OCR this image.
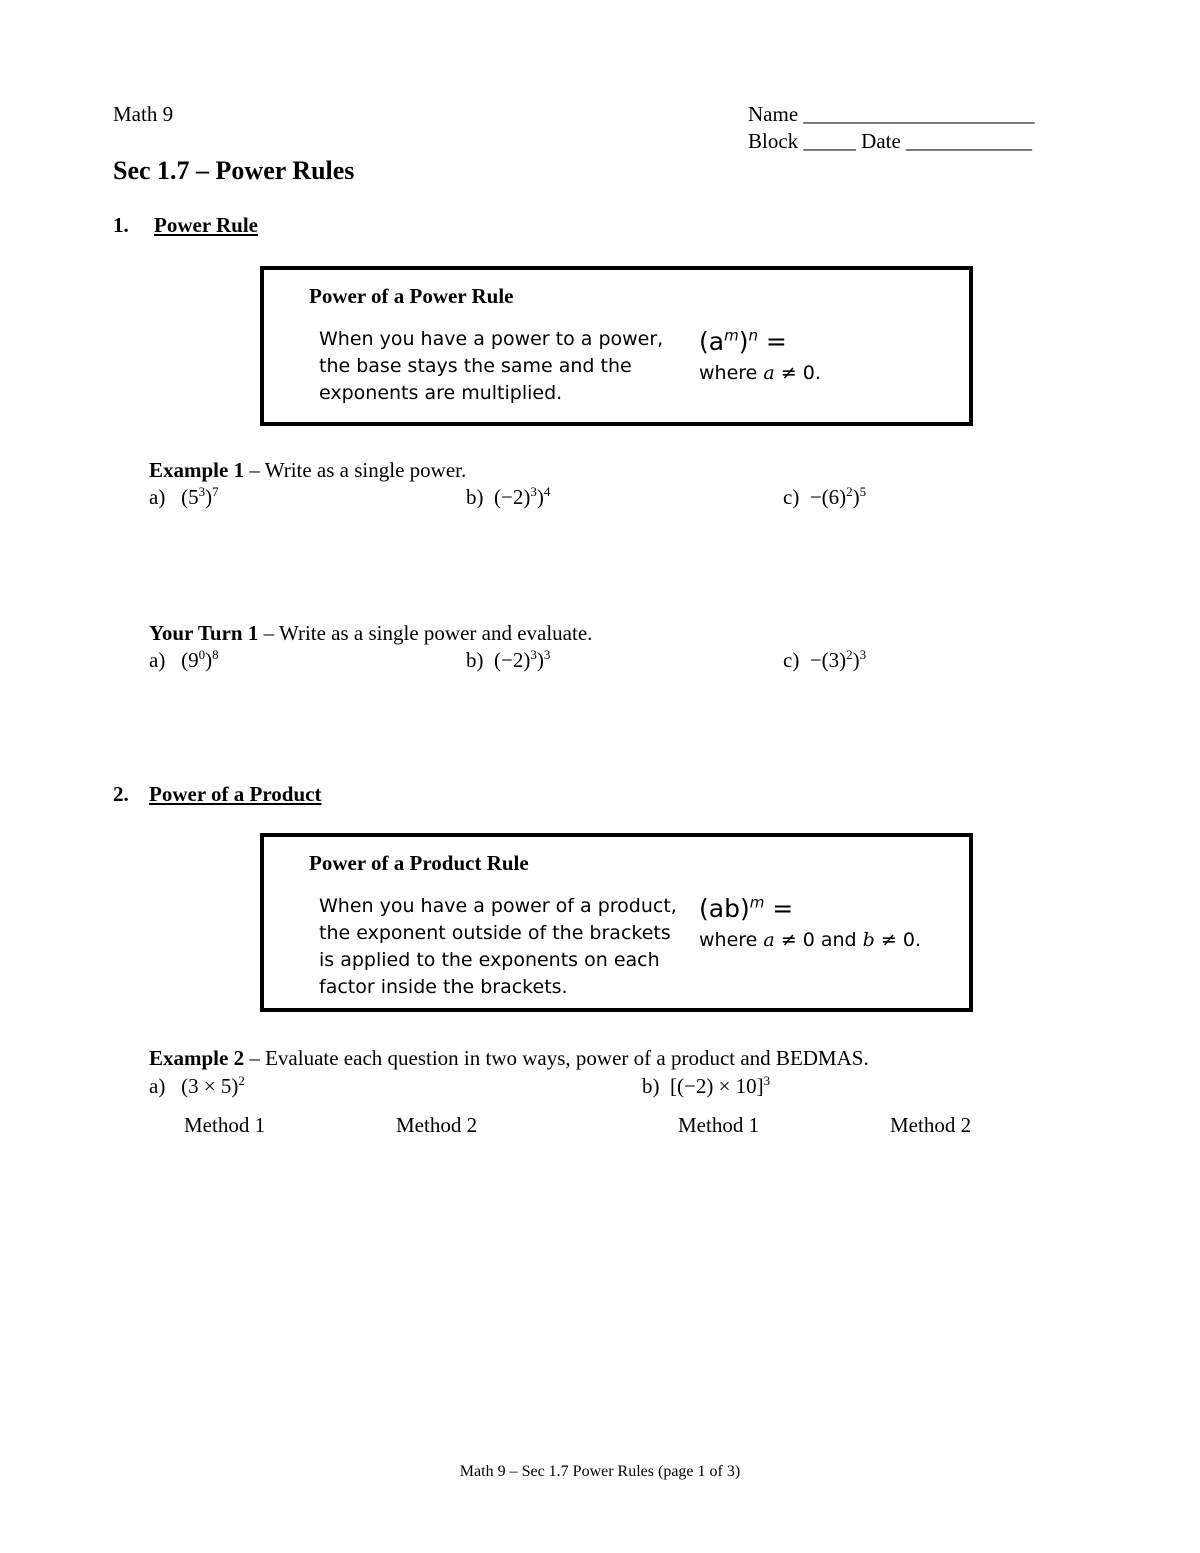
Math 9	Name ______________________
Block _____ Date ____________
Sec 1.7 – Power Rules
1. Power Rule
Power of a Power Rule
When you have a power to a power,
the base stays the same and the
exponents are multiplied.
$(a^m)^n$ =
where a ≠ 0.
Example 1 – Write as a single power.
a) $(5^3)^7$	b) $(-2)^3)^4$	$c) -(6)^2)^5$
Your Turn 1 – Write as a single power and evaluate.
a) $(9^0)^8$	b) $(-2)^3)^3$	$c) -(3)^2)^3$
2. Power of a Product
Power of a Product Rule
When you have a power of a product,
the exponent outside of the brackets
is applied to the exponents on each
factor inside the brackets.
(ab)$^m$ =
where a ≠ 0 and b ≠ 0.
Example 2 – Evaluate each question in two ways, power of a product and BEDMAS.
a) $(3 \times 5)^2$	b) $[(-2) \times 10]^3$
Method 1	Method 2	Method 1	Method 2
Math 9 – Sec 1.7 Power Rules (page 1 of 3)
